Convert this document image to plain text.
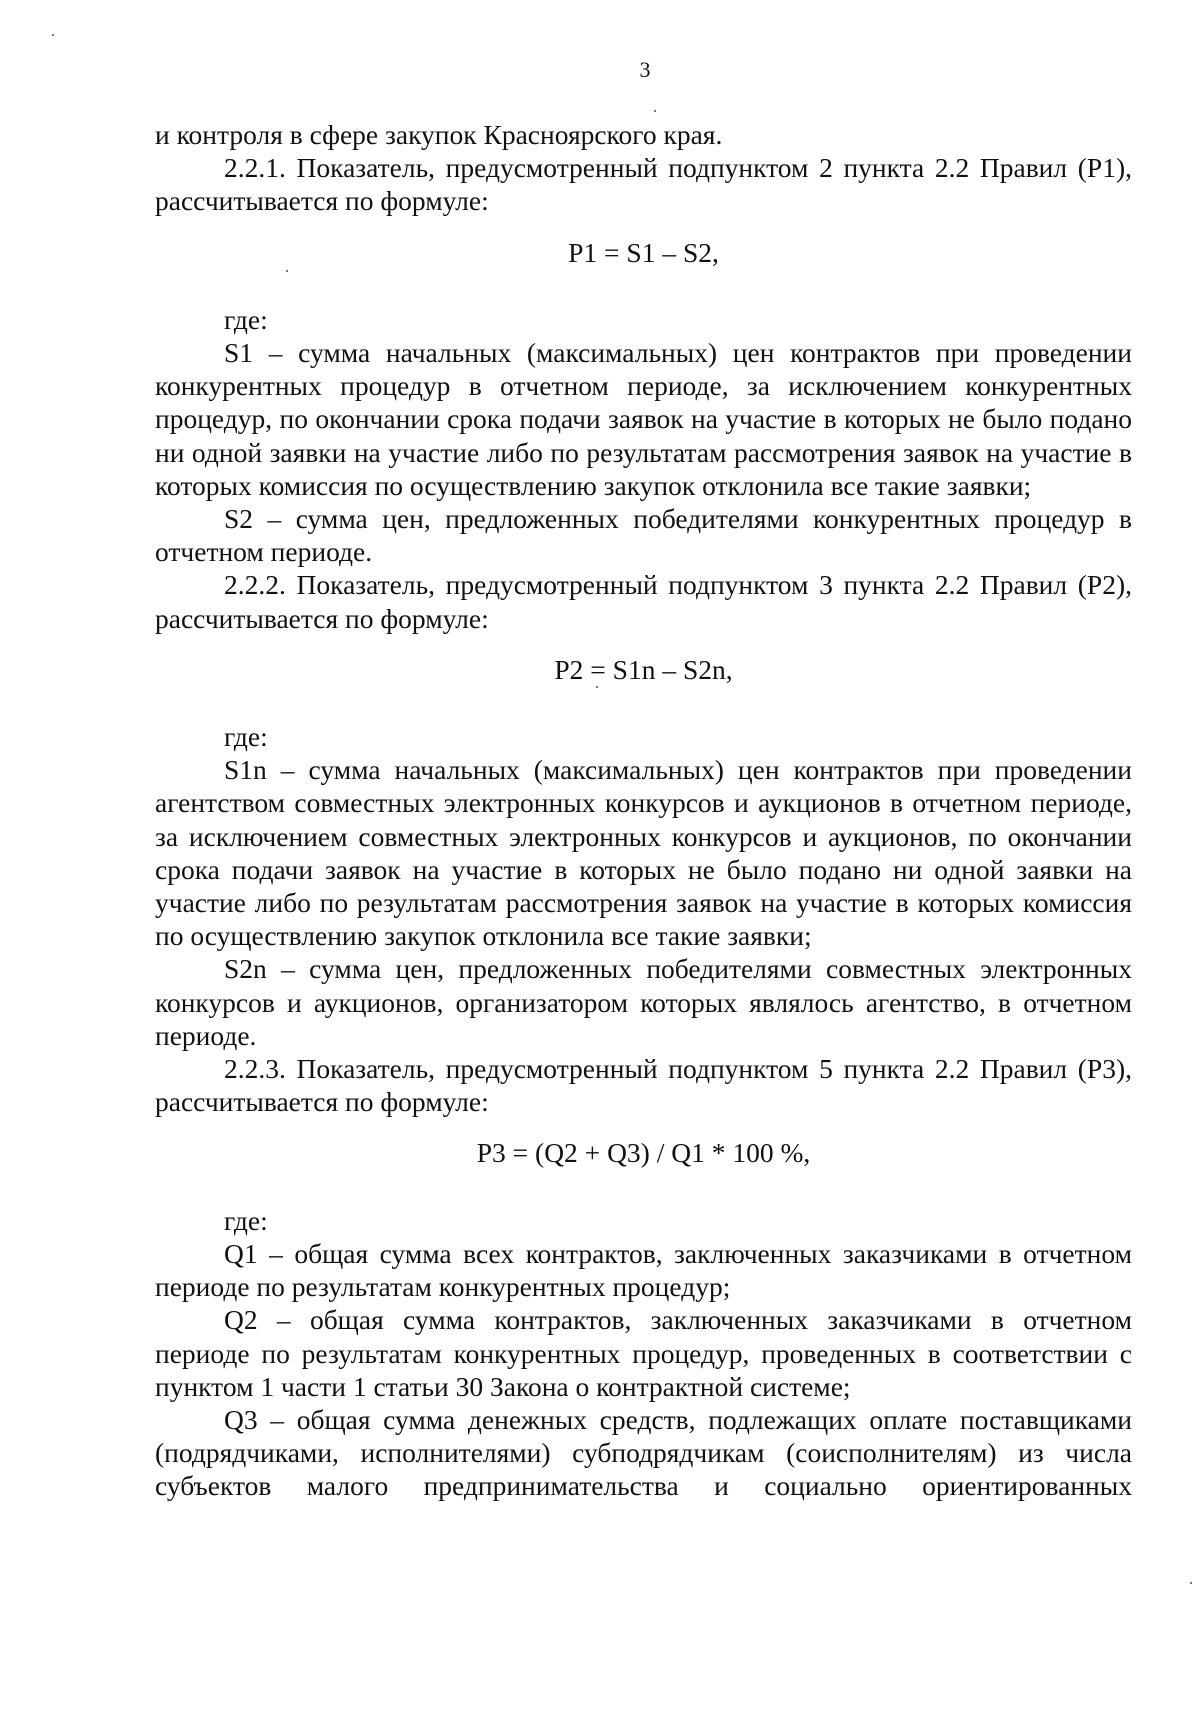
3

и контроля в сфере закупок Красноярского края.

2.2.1. Показатель, предусмотренный подпунктом 2 пункта 2.2 Правил (P1), рассчитывается по формуле:

P1 = S1 – S2,

где:

S1 – сумма начальных (максимальных) цен контрактов при проведении конкурентных процедур в отчетном периоде, за исключением конкурентных процедур, по окончании срока подачи заявок на участие в которых не было подано ни одной заявки на участие либо по результатам рассмотрения заявок на участие в которых комиссия по осуществлению закупок отклонила все такие заявки;

S2 – сумма цен, предложенных победителями конкурентных процедур в отчетном периоде.

2.2.2. Показатель, предусмотренный подпунктом 3 пункта 2.2 Правил (P2), рассчитывается по формуле:

P2 = S1n – S2n,

где:

S1n – сумма начальных (максимальных) цен контрактов при проведении агентством совместных электронных конкурсов и аукционов в отчетном периоде, за исключением совместных электронных конкурсов и аукционов, по окончании срока подачи заявок на участие в которых не было подано ни одной заявки на участие либо по результатам рассмотрения заявок на участие в которых комиссия по осуществлению закупок отклонила все такие заявки;

S2n – сумма цен, предложенных победителями совместных электронных конкурсов и аукционов, организатором которых являлось агентство, в отчетном периоде.

2.2.3. Показатель, предусмотренный подпунктом 5 пункта 2.2 Правил (P3), рассчитывается по формуле:

P3 = (Q2 + Q3) / Q1 * 100 %,

где:

Q1 – общая сумма всех контрактов, заключенных заказчиками в отчетном периоде по результатам конкурентных процедур;

Q2 – общая сумма контрактов, заключенных заказчиками в отчетном периоде по результатам конкурентных процедур, проведенных в соответствии с пунктом 1 части 1 статьи 30 Закона о контрактной системе;

Q3 – общая сумма денежных средств, подлежащих оплате поставщиками (подрядчиками, исполнителями) субподрядчикам (соисполнителям) из числа субъектов малого предпринимательства и социально ориентированных
